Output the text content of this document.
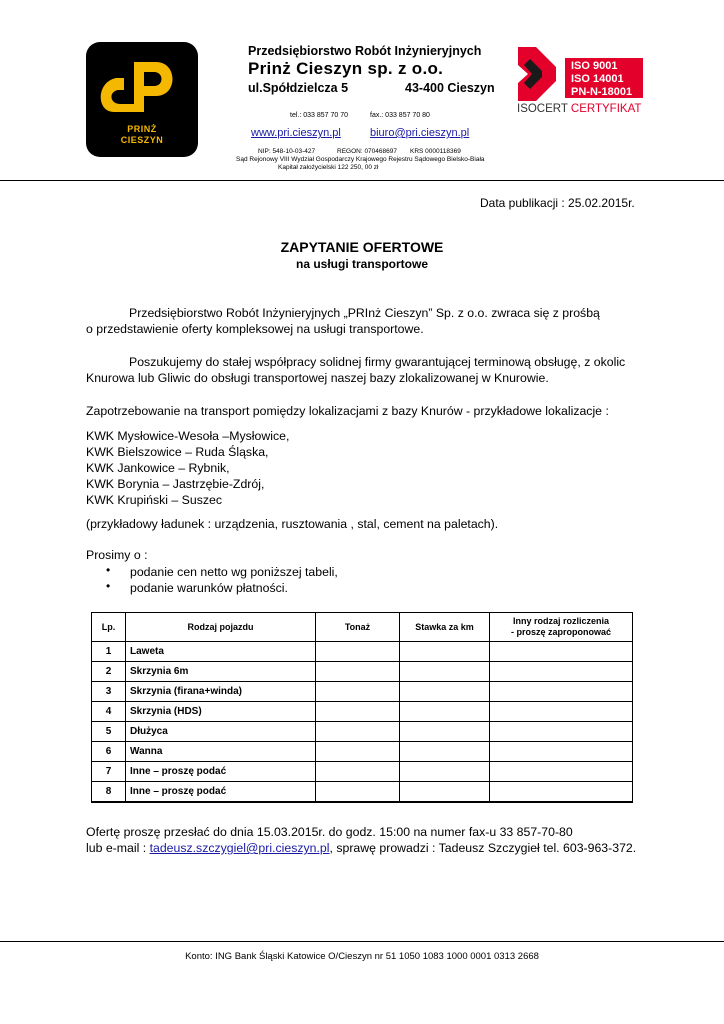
PRINŻ
CIESZYN
Przedsiębiorstwo Robót Inżynieryjnych
Prinż Cieszyn sp. z o.o.
ul.Spółdzielcza 5	43-400 Cieszyn
tel.: 033 857 70 70	fax.: 033 857 70 80
www.pri.cieszyn.pl	biuro@pri.cieszyn.pl
NIP: 548-10-03-427	REGON: 070468697 KRS 0000118369
Sąd Rejonowy VIII Wydział Gospodarczy Krajowego Rejestru Sądowego Bielsko-Biała
Kapitał założycielski 122 250, 00 zł
ISO 9001
ISO 14001
PN-N-18001
ISOCERT CERTYFIKAT
Data publikacji : 25.02.2015r.
ZAPYTANIE OFERTOWE
na usługi transportowe
Przedsiębiorstwo Robót Inżynieryjnych „PRInż Cieszyn” Sp. z o.o. zwraca się z prośbą
o przedstawienie oferty kompleksowej na usługi transportowe.
Poszukujemy do stałej współpracy solidnej firmy gwarantującej terminową obsługę, z okolic
Knurowa lub Gliwic do obsługi transportowej naszej bazy zlokalizowanej w Knurowie.
Zapotrzebowanie na transport pomiędzy lokalizacjami z bazy Knurów - przykładowe lokalizacje :
KWK Mysłowice-Wesoła –Mysłowice,
KWK Bielszowice – Ruda Śląska,
KWK Jankowice – Rybnik,
KWK Borynia – Jastrzębie-Zdrój,
KWK Krupiński – Suszec
(przykładowy ładunek : urządzenia, rusztowania , stal, cement na paletach).
Prosimy o :
• podanie cen netto wg poniższej tabeli,
• podanie warunków płatności.
Lp.	Rodzaj pojazdu	Tonaż	Stawka za km	Inny rodzaj rozliczenia
- proszę zaproponować

1	Laweta			
2	Skrzynia 6m			
3	Skrzynia (firana+winda)			
4	Skrzynia (HDS)			
5	Dłużyca			
6	Wanna			
7	Inne – proszę podać			
8	Inne – proszę podać			
Ofertę proszę przesłać do dnia 15.03.2015r. do godz. 15:00 na numer fax-u 33 857-70-80
lub e-mail : tadeusz.szczygiel@pri.cieszyn.pl, sprawę prowadzi : Tadeusz Szczygieł tel. 603-963-372.
Konto: ING Bank Śląski Katowice O/Cieszyn nr 51 1050 1083 1000 0001 0313 2668
